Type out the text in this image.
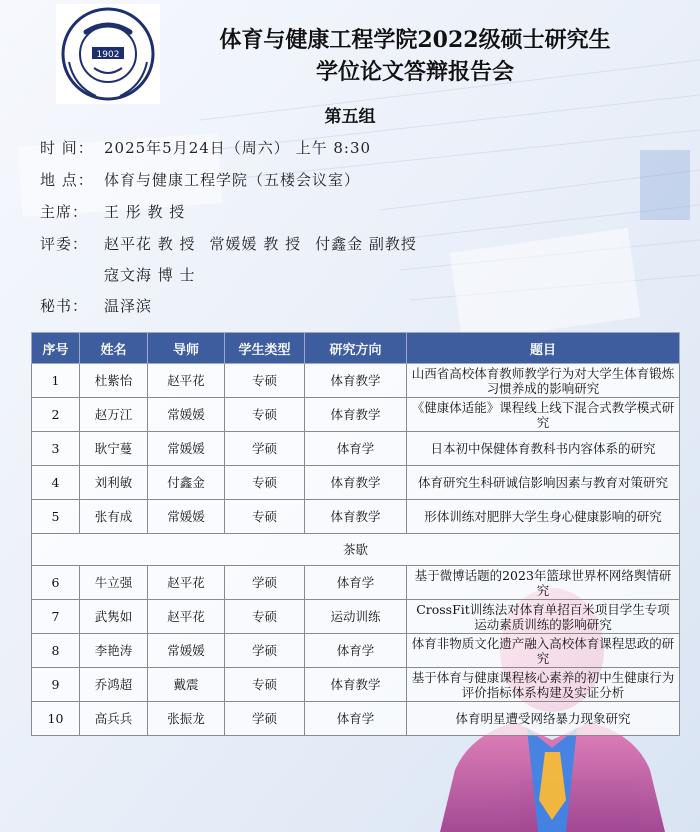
1902
体育与健康工程学院2022级硕士研究生
学位论文答辩报告会
第五组
时 间： 2025年5月24日（周六） 上午 8:30
地 点： 体育与健康工程学院（五楼会议室）
主席： 王 彤 教 授
评委： 赵平花 教 授 常媛媛 教 授 付鑫金 副教授
寇文海 博 士
秘书： 温泽滨
序号	姓名	导师	学生类型	研究方向	题目
1	杜紫怡	赵平花	专硕	体育教学	山西省高校体育教师教学行为对大学生体育锻炼习惯养成的影响研究
2	赵万江	常媛媛	专硕	体育教学	《健康体适能》课程线上线下混合式教学模式研究
3	耿宁蔓	常媛媛	学硕	体育学	日本初中保健体育教科书内容体系的研究
4	刘利敏	付鑫金	专硕	体育教学	体育研究生科研诚信影响因素与教育对策研究
5	张有成	常媛媛	专硕	体育教学	形体训练对肥胖大学生身心健康影响的研究
茶歇					
6	牛立强	赵平花	学硕	体育学	基于微博话题的2023年篮球世界杯网络舆情研究
7	武隽如	赵平花	专硕	运动训练	CrossFit训练法对体育单招百米项目学生专项运动素质训练的影响研究
8	李艳涛	常媛媛	学硕	体育学	体育非物质文化遗产融入高校体育课程思政的研究
9	乔鸿超	戴震	专硕	体育教学	基于体育与健康课程核心素养的初中生健康行为评价指标体系构建及实证分析
10	高兵兵	张振龙	学硕	体育学	体育明星遭受网络暴力现象研究
